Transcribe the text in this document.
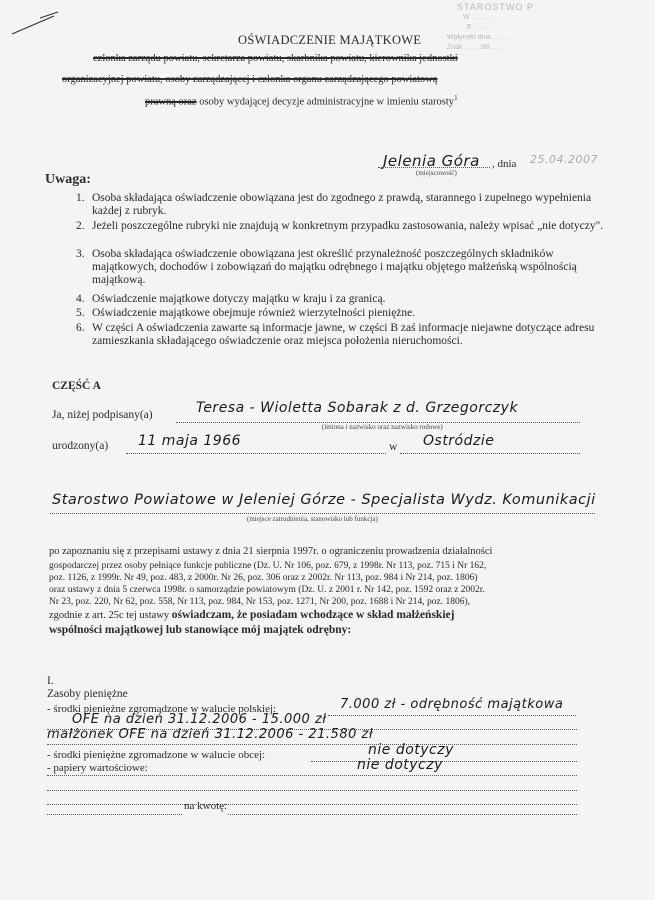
STAROSTWO P
W . . . . . .
E . . . . . . .
Wpłynęło dnia . . . . . .
Znak . . . . 3/8 . . .
OŚWIADCZENIE MAJĄTKOWE
członka zarządu powiatu, sekretarza powiatu, skarbnika powiatu, kierownika jednostki
organizacyjnej powiatu, osoby zarządzającej i członka organu zarządzającego powiatową
prawną oraz osoby wydającej decyzje administracyjne w imieniu starosty$^1$
Jelenia Góra , dnia 25.04.2007
(miejscowość)
Uwaga:
1. Osoba składająca oświadczenie obowiązana jest do zgodnego z prawdą, starannego i zupełnego wypełnienia każdej z rubryk.
2. Jeżeli poszczególne rubryki nie znajdują w konkretnym przypadku zastosowania, należy wpisać „nie dotyczy".
3. Osoba składająca oświadczenie obowiązana jest określić przynależność poszczególnych składników majątkowych, dochodów i zobowiązań do majątku odrębnego i majątku objętego małżeńską wspólnością majątkową.
4. Oświadczenie majątkowe dotyczy majątku w kraju i za granicą.
5. Oświadczenie majątkowe obejmuje również wierzytelności pieniężne.
6. W części A oświadczenia zawarte są informacje jawne, w części B zaś informacje niejawne dotyczące adresu zamieszkania składającego oświadczenie oraz miejsca położenia nieruchomości.
CZĘŚĆ A
Ja, niżej podpisany(a)	Teresa - Wioletta Sobarak z d. Grzegorczyk
(imiona i nazwisko oraz nazwisko rodowe)
urodzony(a) 11 maja 1966	w Ostródzie
Starostwo Powiatowe w Jeleniej Górze - Specjalista Wydz. Komunikacji
(miejsce zatrudnienia, stanowisko lub funkcja)
po zapoznaniu się z przepisami ustawy z dnia 21 sierpnia 1997r. o ograniczeniu prowadzenia działalności
gospodarczej przez osoby pełniące funkcje publiczne (Dz. U. Nr 106, poz. 679, z 1998r. Nr 113, poz. 715 i Nr 162,
poz. 1126, z 1999r. Nr 49, poz. 483, z 2000r. Nr 26, poz. 306 oraz z 2002r. Nr 113, poz. 984 i Nr 214, poz. 1806)
oraz ustawy z dnia 5 czerwca 1998r. o samorządzie powiatowym (Dz. U. z 2001 r. Nr 142, poz. 1592 oraz z 2002r.
Nr 23, poz. 220, Nr 62, poz. 558, Nr 113, poz. 984, Nr 153, poz. 1271, Nr 200, poz. 1688 i Nr 214, poz. 1806),
zgodnie z art. 25c tej ustawy oświadczam, że posiadam wchodzące w skład małżeńskiej
wspólności majątkowej lub stanowiące mój majątek odrębny:
I.
Zasoby pieniężne
- środki pieniężne zgromadzone w walucie polskiej:	7.000 zł - odrębność majątkowa
OFE na dzień 31.12.2006 - 15.000 zł
małżonek OFE na dzień 31.12.2006 - 21.580 zł
- środki pieniężne zgromadzone w walucie obcej:	nie dotyczy
- papiery wartościowe:	nie dotyczy
na kwotę:
